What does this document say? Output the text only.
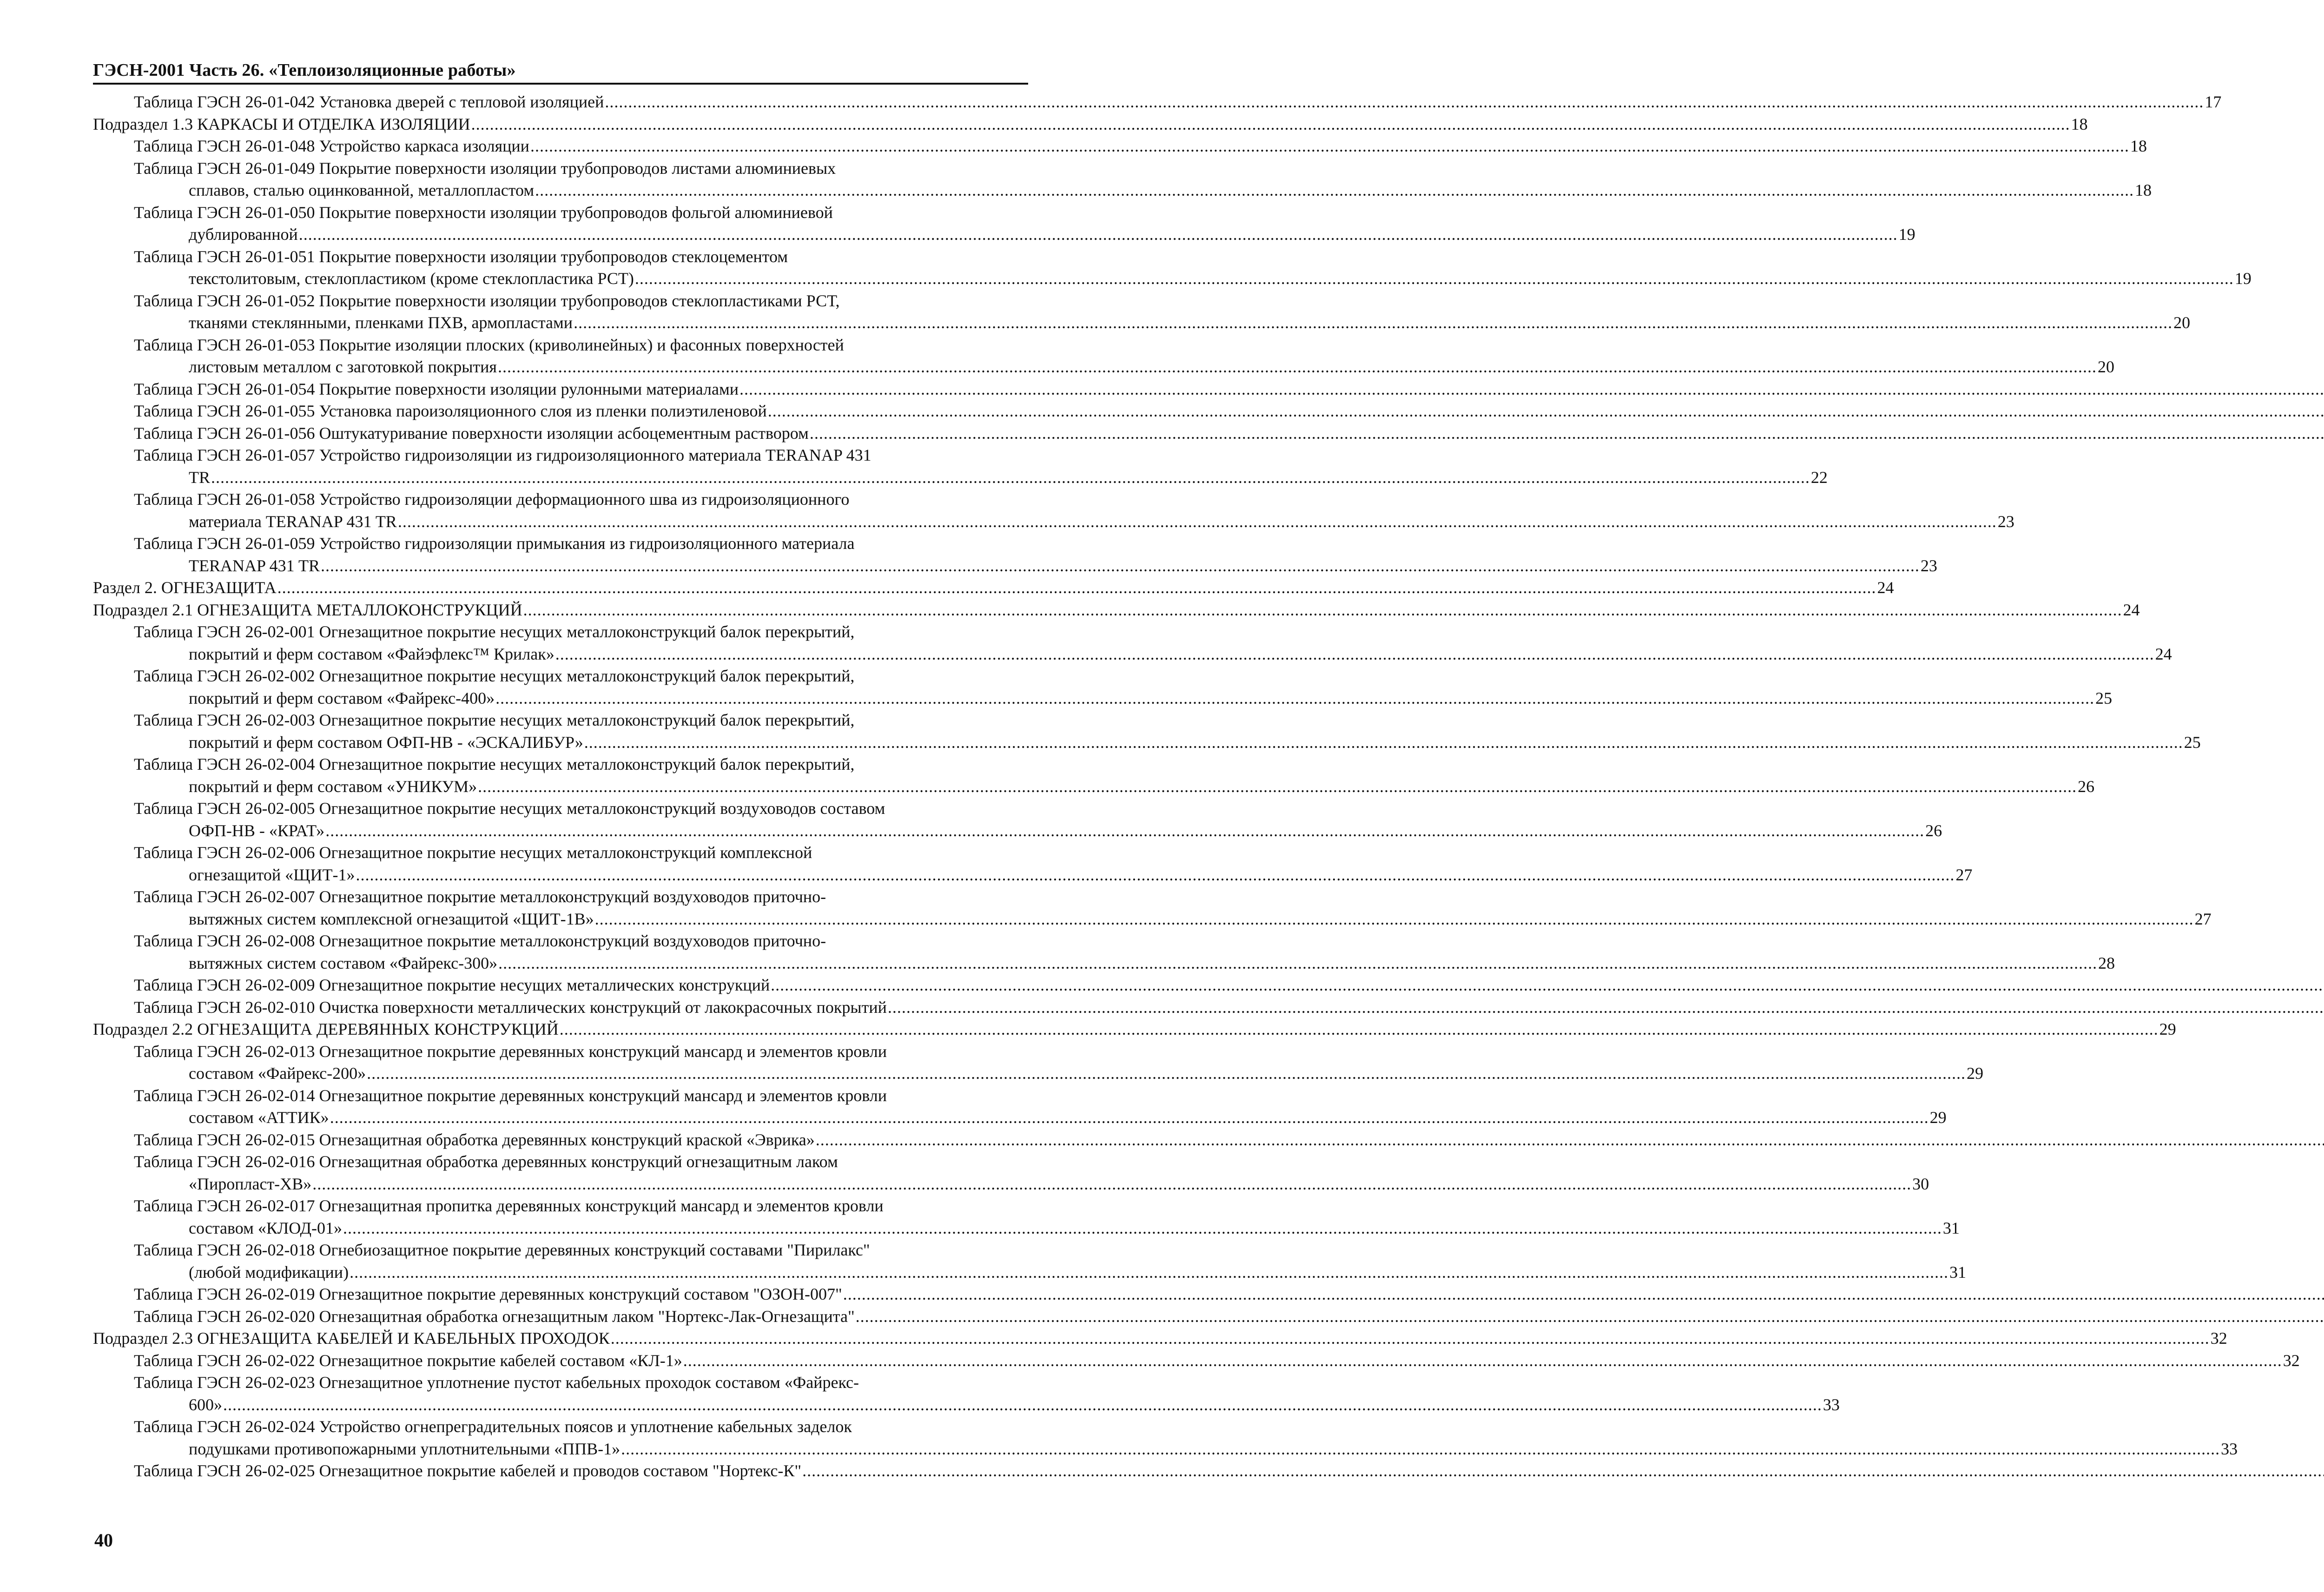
ГЭСН-2001 Часть 26. «Теплоизоляционные работы»
Таблица ГЭСН 26-01-042 Установка дверей с тепловой изоляцией .....	17
Подраздел 1.3 КАРКАСЫ И ОТДЕЛКА ИЗОЛЯЦИИ .....	18
Таблица ГЭСН 26-01-048 Устройство каркаса изоляции .....	18
Таблица ГЭСН 26-01-049 Покрытие поверхности изоляции трубопроводов листами алюминиевых
сплавов, сталью оцинкованной, металлопластом .....	18
Таблица ГЭСН 26-01-050 Покрытие поверхности изоляции трубопроводов фольгой алюминиевой
дублированной .....	19
Таблица ГЭСН 26-01-051 Покрытие поверхности изоляции трубопроводов стеклоцементом
текстолитовым, стеклопластиком (кроме стеклопластика РСТ) .....	19
Таблица ГЭСН 26-01-052 Покрытие поверхности изоляции трубопроводов стеклопластиками РСТ,
тканями стеклянными, пленками ПХВ, армопластами .....	20
Таблица ГЭСН 26-01-053 Покрытие изоляции плоских (криволинейных) и фасонных поверхностей
листовым металлом с заготовкой покрытия .....	20
Таблица ГЭСН 26-01-054 Покрытие поверхности изоляции рулонными материалами
.....
Таблица ГЭСН 26-01-055 Установка пароизоляционного слоя из пленки полиэтиленовой
.....
Таблица ГЭСН 26-01-056 Оштукатуривание поверхности изоляции асбоцементным раствором
.....
Таблица ГЭСН 26-01-057 Устройство гидроизоляции из гидроизоляционного материала TERANAP 431
TR .....	22
Таблица ГЭСН 26-01-058 Устройство гидроизоляции деформационного шва из гидроизоляционного
материала TERANAP 431 TR .....	23
Таблица ГЭСН 26-01-059 Устройство гидроизоляции примыкания из гидроизоляционного материала
TERANAP 431 TR .....	23
Раздел 2. ОГНЕЗАЩИТА .....	24
Подраздел 2.1 ОГНЕЗАЩИТА МЕТАЛЛОКОНСТРУКЦИЙ .....	24
Таблица ГЭСН 26-02-001 Огнезащитное покрытие несущих металлоконструкций балок перекрытий,
покрытий и ферм составом «Файэфлекс™ Крилак» .....	24
Таблица ГЭСН 26-02-002 Огнезащитное покрытие несущих металлоконструкций балок перекрытий,
покрытий и ферм составом «Файрекс-400» .....	25
Таблица ГЭСН 26-02-003 Огнезащитное покрытие несущих металлоконструкций балок перекрытий,
покрытий и ферм составом ОФП-НВ - «ЭСКАЛИБУР» .....	25
Таблица ГЭСН 26-02-004 Огнезащитное покрытие несущих металлоконструкций балок перекрытий,
покрытий и ферм составом «УНИКУМ» .....	26
Таблица ГЭСН 26-02-005 Огнезащитное покрытие несущих металлоконструкций воздуховодов составом
ОФП-НВ - «КРАТ» .....	26
Таблица ГЭСН 26-02-006 Огнезащитное покрытие несущих металлоконструкций комплексной
огнезащитой «ЩИТ-1» .....	27
Таблица ГЭСН 26-02-007 Огнезащитное покрытие металлоконструкций воздуховодов приточно-
вытяжных систем комплексной огнезащитой «ЩИТ-1В» .....	27
Таблица ГЭСН 26-02-008 Огнезащитное покрытие металлоконструкций воздуховодов приточно-
вытяжных систем составом «Файрекс-300» .....	28
Таблица ГЭСН 26-02-009 Огнезащитное покрытие несущих металлических конструкций
.....
Таблица ГЭСН 26-02-010 Очистка поверхности металлических конструкций от лакокрасочных покрытий
.....
Подраздел 2.2 ОГНЕЗАЩИТА ДЕРЕВЯННЫХ КОНСТРУКЦИЙ .....	29
Таблица ГЭСН 26-02-013 Огнезащитное покрытие деревянных конструкций мансард и элементов кровли
составом «Файрекс-200» .....	29
Таблица ГЭСН 26-02-014 Огнезащитное покрытие деревянных конструкций мансард и элементов кровли
составом «АТТИК» .....	29
Таблица ГЭСН 26-02-015 Огнезащитная обработка деревянных конструкций краской «Эврика»
.....
Таблица ГЭСН 26-02-016 Огнезащитная обработка деревянных конструкций огнезащитным лаком
«Пиропласт-ХВ» .....	30
Таблица ГЭСН 26-02-017 Огнезащитная пропитка деревянных конструкций мансард и элементов кровли
составом «КЛОД-01» .....	31
Таблица ГЭСН 26-02-018 Огнебиозащитное покрытие деревянных конструкций составами "Пирилакс"
(любой модификации) .....	31
Таблица ГЭСН 26-02-019 Огнезащитное покрытие деревянных конструкций составом "ОЗОН-007"
.....
Таблица ГЭСН 26-02-020 Огнезащитная обработка огнезащитным лаком "Нортекс-Лак-Огнезащита"
.....
Подраздел 2.3 ОГНЕЗАЩИТА КАБЕЛЕЙ И КАБЕЛЬНЫХ ПРОХОДОК .....	32
Таблица ГЭСН 26-02-022 Огнезащитное покрытие кабелей составом «КЛ-1» .....	32
Таблица ГЭСН 26-02-023 Огнезащитное уплотнение пустот кабельных проходок составом «Файрекс-
600» .....	33
Таблица ГЭСН 26-02-024 Устройство огнепреградительных поясов и уплотнение кабельных заделок
подушками противопожарными уплотнительными «ППВ-1» .....	33
Таблица ГЭСН 26-02-025 Огнезащитное покрытие кабелей и проводов составом "Нортекс-К"
.....
40
